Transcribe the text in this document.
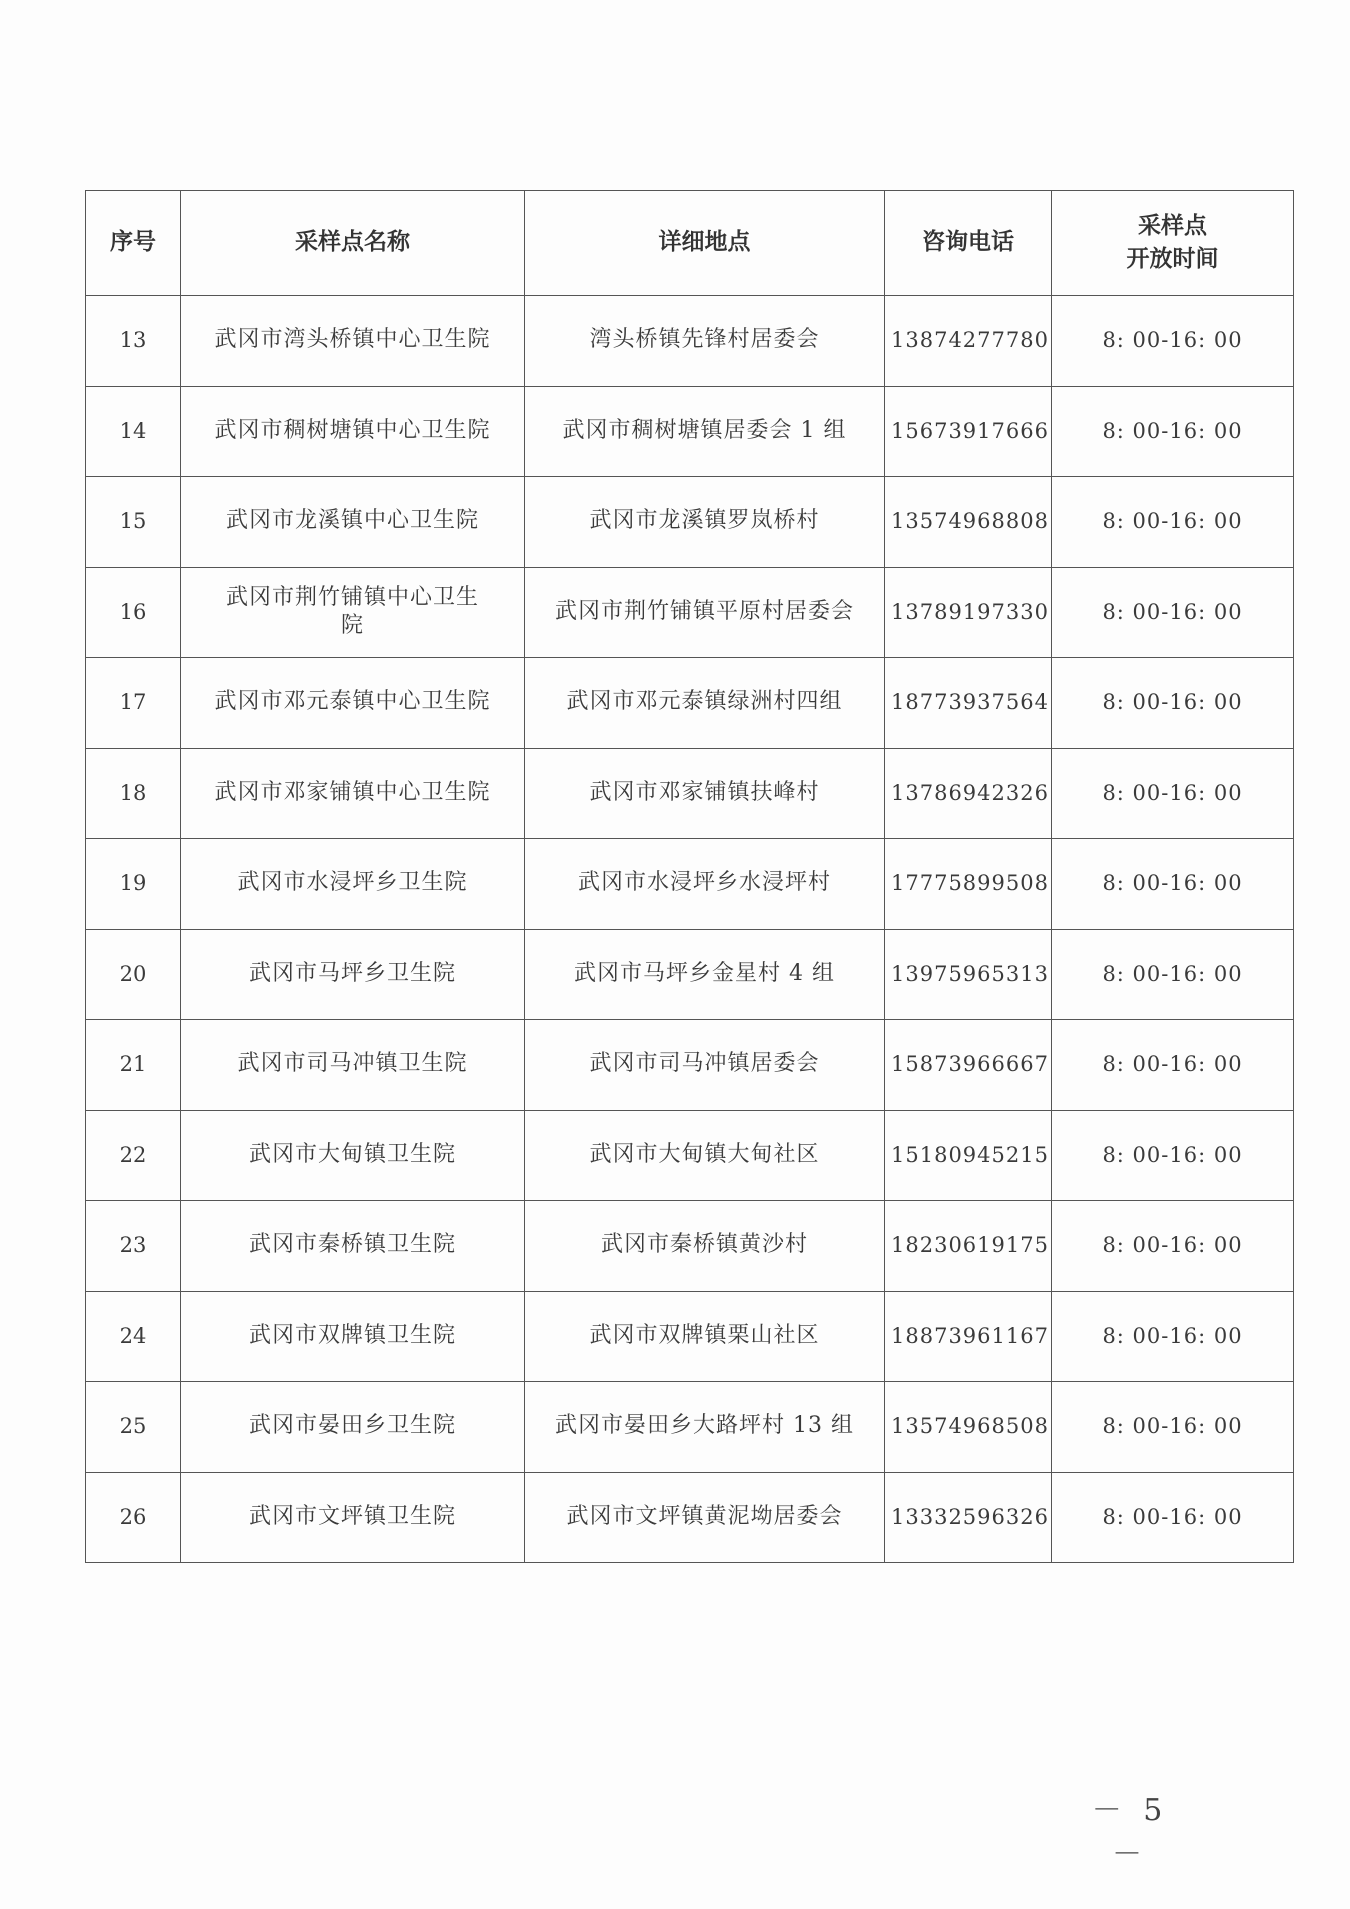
序号	采样点名称	详细地点	咨询电话	采样点
开放时间

13	武冈市湾头桥镇中心卫生院	湾头桥镇先锋村居委会	13874277780	8: 00-16: 00
14	武冈市稠树塘镇中心卫生院	武冈市稠树塘镇居委会 1 组	15673917666	8: 00-16: 00
15	武冈市龙溪镇中心卫生院	武冈市龙溪镇罗岚桥村	13574968808	8: 00-16: 00
16	武冈市荆竹铺镇中心卫生院	武冈市荆竹铺镇平原村居委会	13789197330	8: 00-16: 00
17	武冈市邓元泰镇中心卫生院	武冈市邓元泰镇绿洲村四组	18773937564	8: 00-16: 00
18	武冈市邓家铺镇中心卫生院	武冈市邓家铺镇扶峰村	13786942326	8: 00-16: 00
19	武冈市水浸坪乡卫生院	武冈市水浸坪乡水浸坪村	17775899508	8: 00-16: 00
20	武冈市马坪乡卫生院	武冈市马坪乡金星村 4 组	13975965313	8: 00-16: 00
21	武冈市司马冲镇卫生院	武冈市司马冲镇居委会	15873966667	8: 00-16: 00
22	武冈市大甸镇卫生院	武冈市大甸镇大甸社区	15180945215	8: 00-16: 00
23	武冈市秦桥镇卫生院	武冈市秦桥镇黄沙村	18230619175	8: 00-16: 00
24	武冈市双牌镇卫生院	武冈市双牌镇栗山社区	18873961167	8: 00-16: 00
25	武冈市晏田乡卫生院	武冈市晏田乡大路坪村 13 组	13574968508	8: 00-16: 00
26	武冈市文坪镇卫生院	武冈市文坪镇黄泥坳居委会	13332596326	8: 00-16: 00
－ 5 －
